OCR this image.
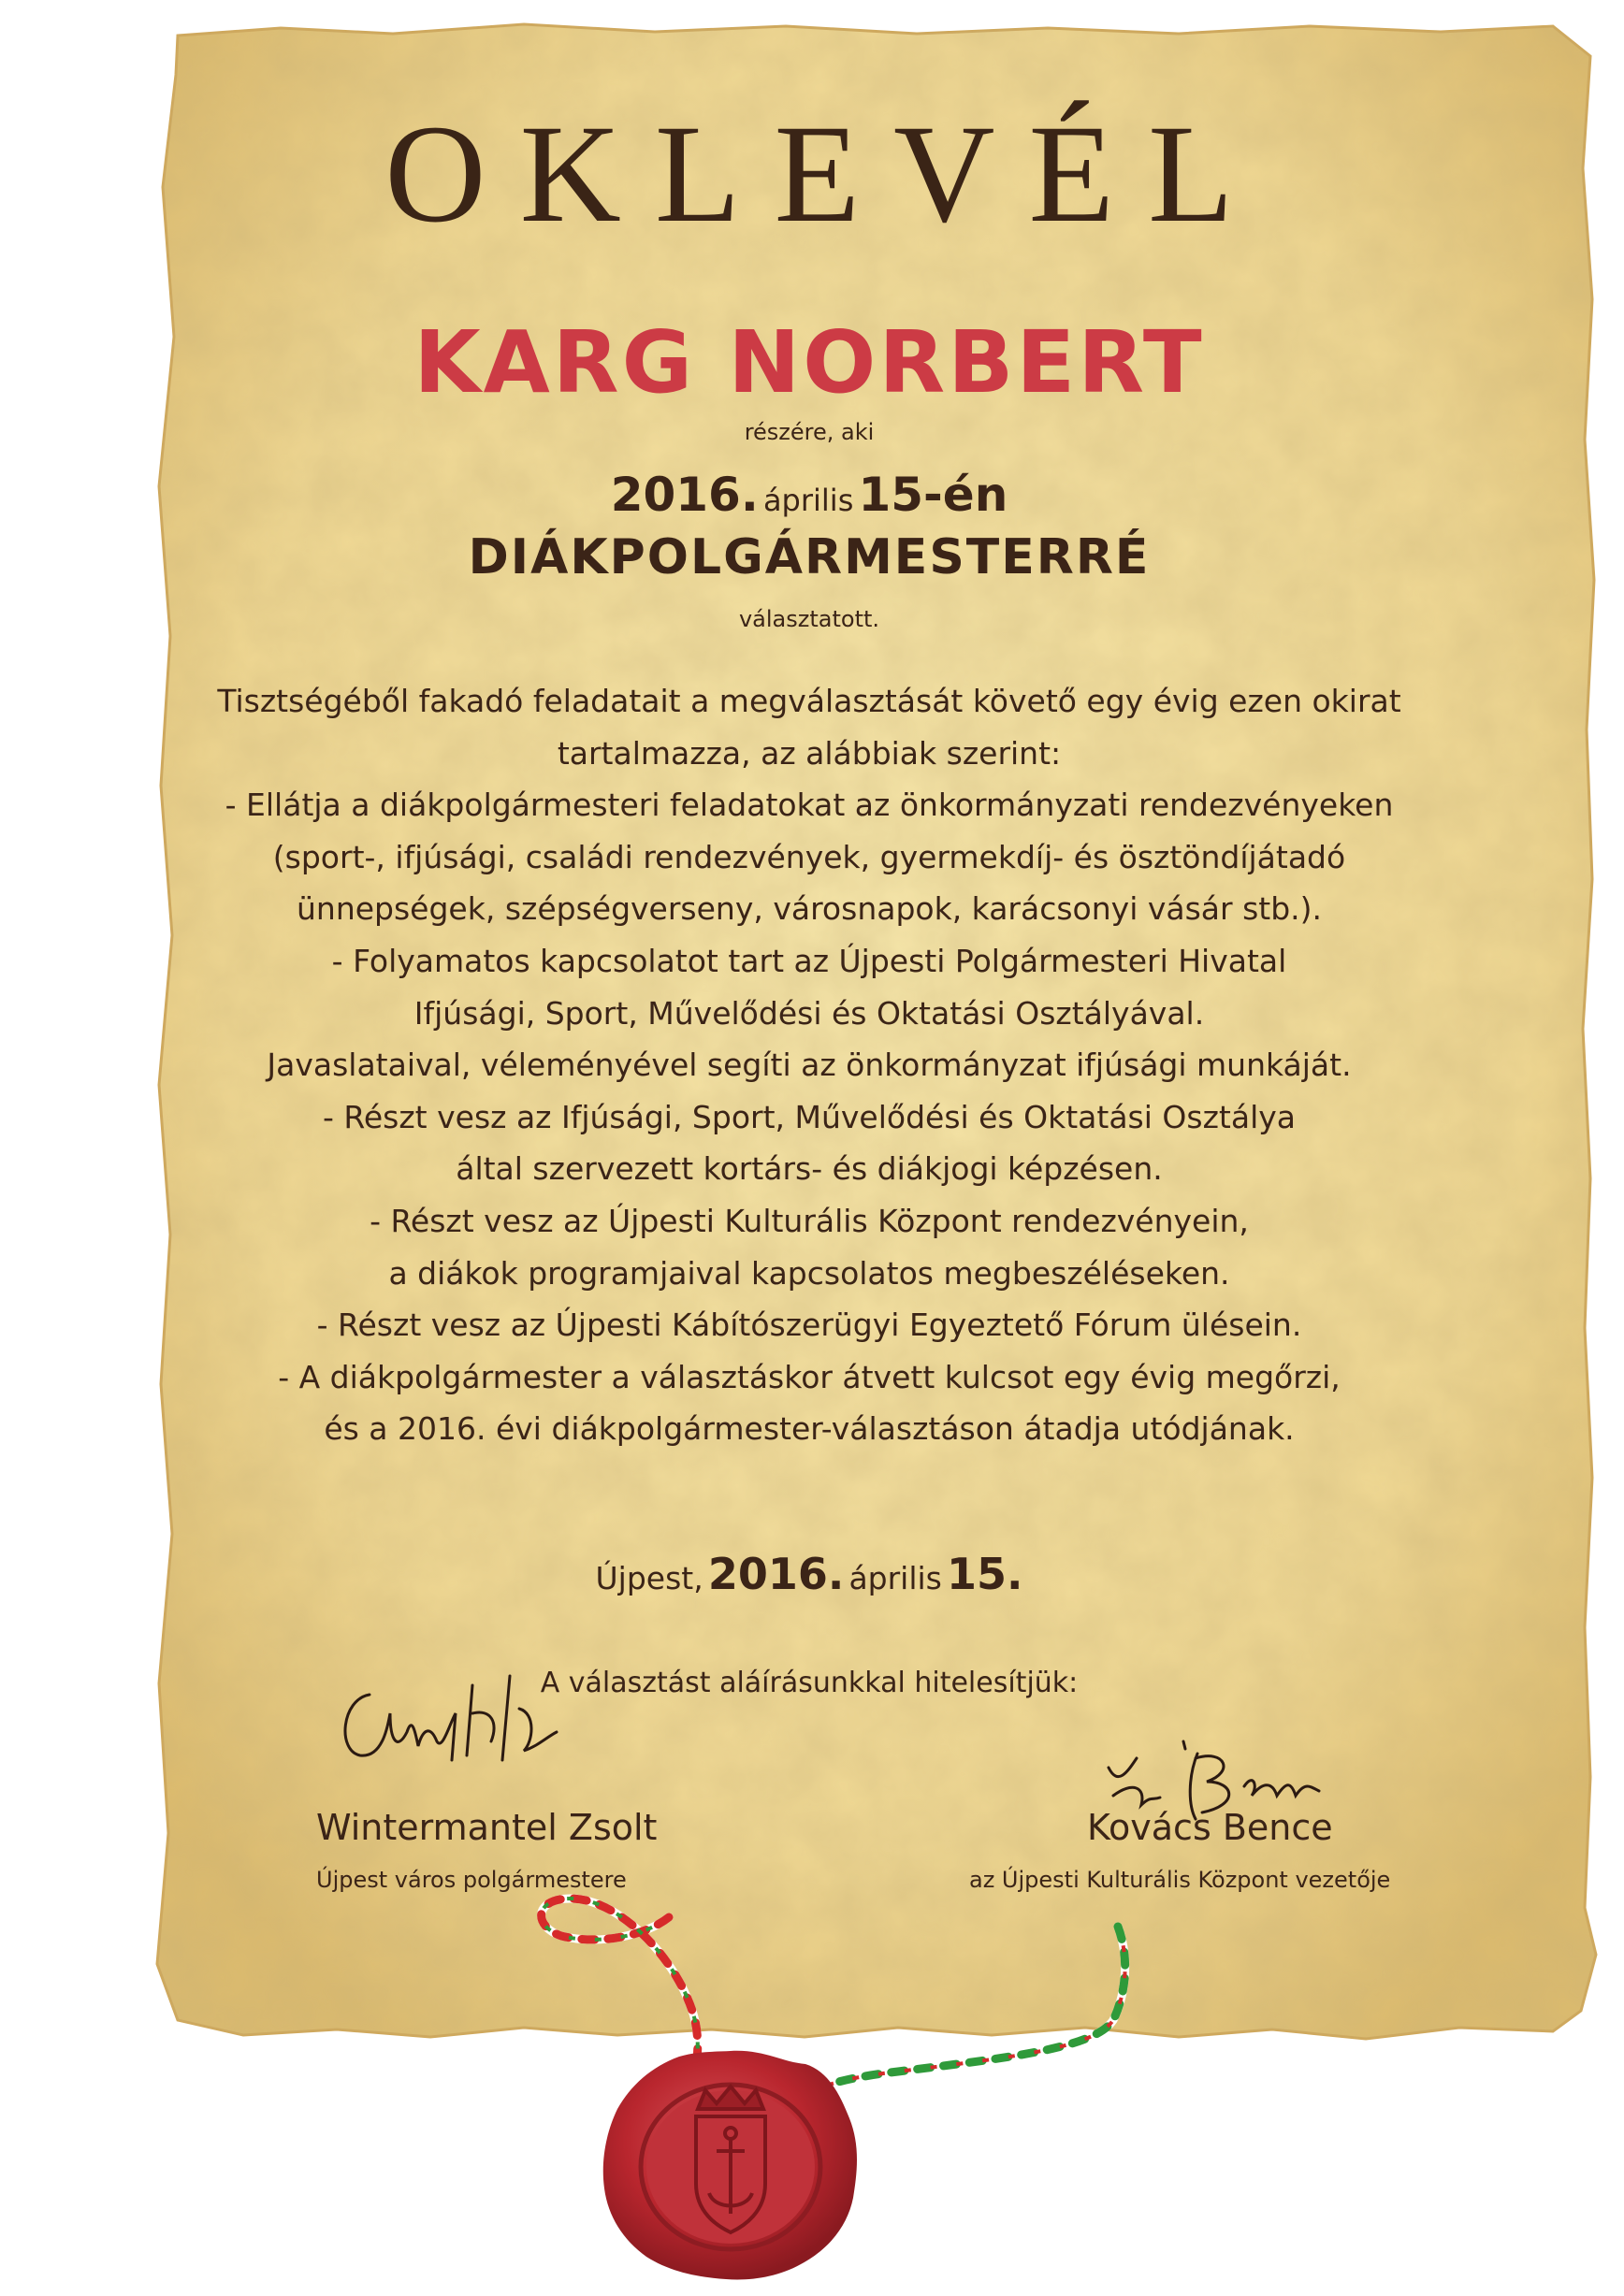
OKLEVÉL
KARG NORBERT
részére, aki
2016. április 15-én
DIÁKPOLGÁRMESTERRÉ
választatott.
Tisztségéből fakadó feladatait a megválasztását követő egy évig ezen okirat
tartalmazza, az alábbiak szerint:
- Ellátja a diákpolgármesteri feladatokat az önkormányzati rendezvényeken
(sport-, ifjúsági, családi rendezvények, gyermekdíj- és ösztöndíjátadó
ünnepségek, szépségverseny, városnapok, karácsonyi vásár stb.).
- Folyamatos kapcsolatot tart az Újpesti Polgármesteri Hivatal
Ifjúsági, Sport, Művelődési és Oktatási Osztályával.
Javaslataival, véleményével segíti az önkormányzat ifjúsági munkáját.
- Részt vesz az Ifjúsági, Sport, Művelődési és Oktatási Osztálya
által szervezett kortárs- és diákjogi képzésen.
- Részt vesz az Újpesti Kulturális Központ rendezvényein,
a diákok programjaival kapcsolatos megbeszéléseken.
- Részt vesz az Újpesti Kábítószerügyi Egyeztető Fórum ülésein.
- A diákpolgármester a választáskor átvett kulcsot egy évig megőrzi,
és a 2016. évi diákpolgármester-választáson átadja utódjának.
Újpest, 2016. április 15.
A választást aláírásunkkal hitelesítjük:
Wintermantel Zsolt
Újpest város polgármestere
Kovács Bence
az Újpesti Kulturális Központ vezetője
